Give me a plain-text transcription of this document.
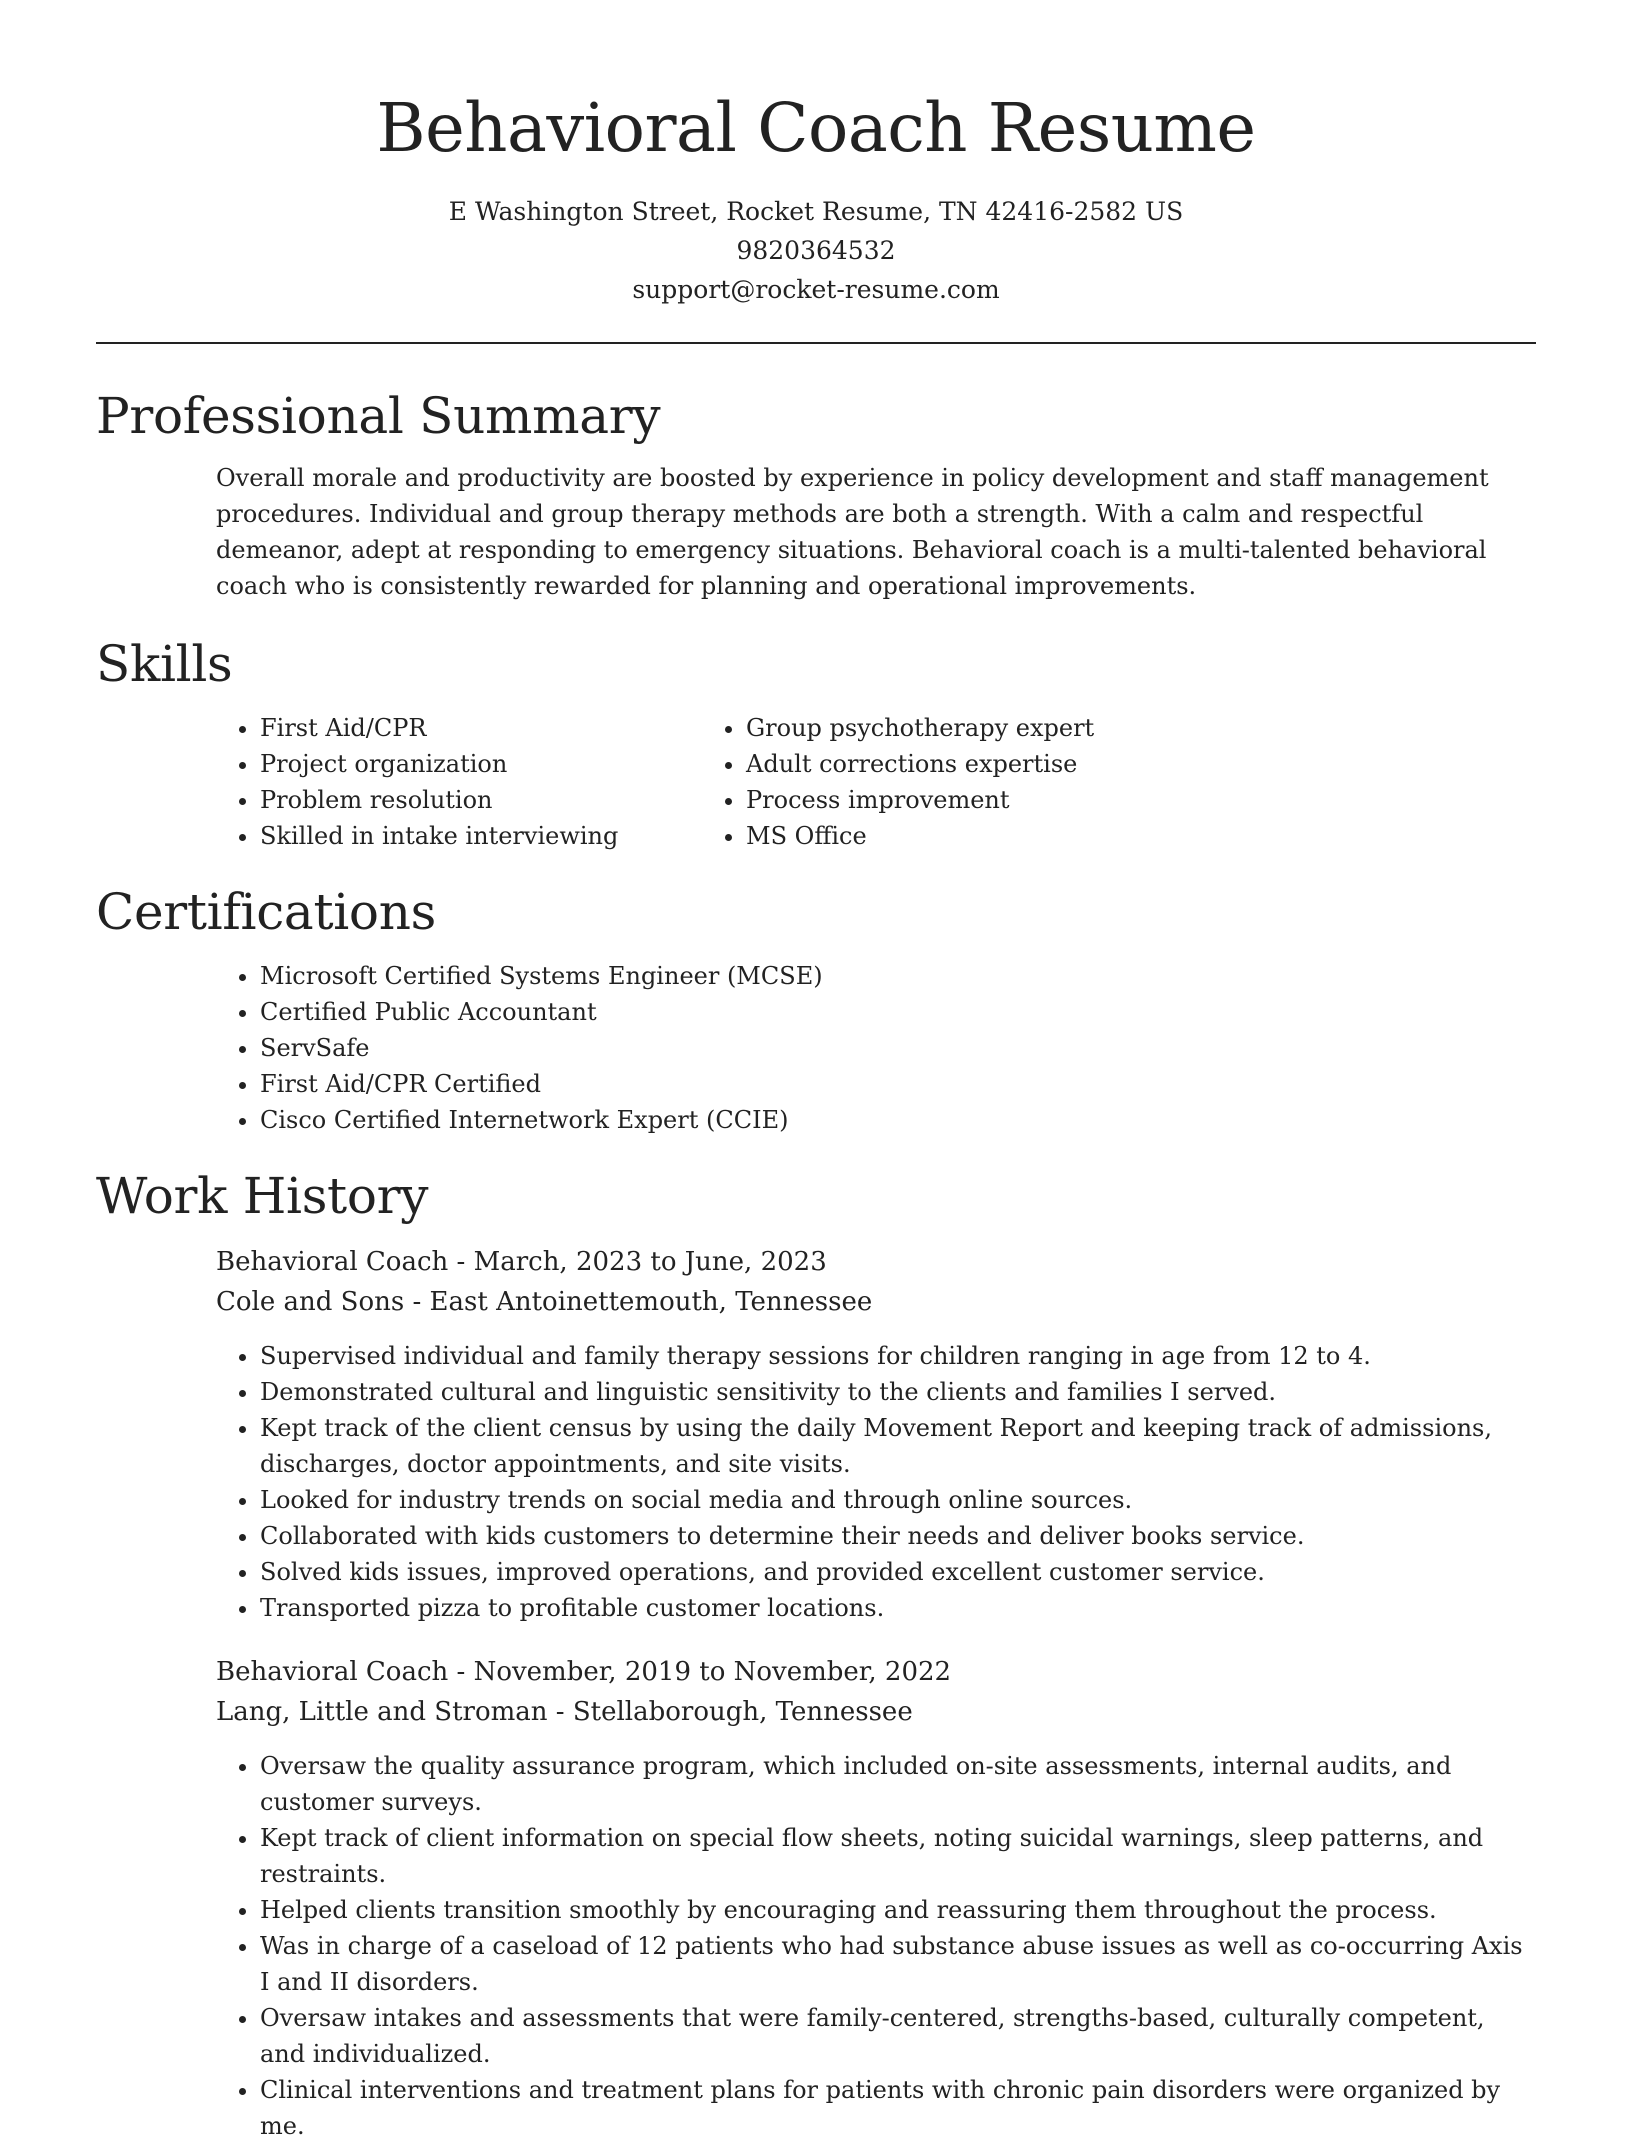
Behavioral Coach Resume
E Washington Street, Rocket Resume, TN 42416-2582 US
9820364532
support@rocket-resume.com
Professional Summary

Overall morale and productivity are boosted by experience in policy development and staff management procedures. Individual and group therapy methods are both a strength. With a calm and respectful demeanor, adept at responding to emergency situations. Behavioral coach is a multi-talented behavioral coach who is consistently rewarded for planning and operational improvements.

Skills
• First Aid/CPR
• Project organization
• Problem resolution
• Skilled in intake interviewing
• Group psychotherapy expert
• Adult corrections expertise
• Process improvement
• MS Office
Certifications
• Microsoft Certified Systems Engineer (MCSE)
• Certified Public Accountant
• ServSafe
• First Aid/CPR Certified
• Cisco Certified Internetwork Expert (CCIE)
Work History
Behavioral Coach - March, 2023 to June, 2023
Cole and Sons - East Antoinettemouth, Tennessee
• Supervised individual and family therapy sessions for children ranging in age from 12 to 4.
• Demonstrated cultural and linguistic sensitivity to the clients and families I served.
• Kept track of the client census by using the daily Movement Report and keeping track of admissions, discharges, doctor appointments, and site visits.
• Looked for industry trends on social media and through online sources.
• Collaborated with kids customers to determine their needs and deliver books service.
• Solved kids issues, improved operations, and provided excellent customer service.
• Transported pizza to profitable customer locations.
Behavioral Coach - November, 2019 to November, 2022
Lang, Little and Stroman - Stellaborough, Tennessee
• Oversaw the quality assurance program, which included on-site assessments, internal audits, and customer surveys.
• Kept track of client information on special flow sheets, noting suicidal warnings, sleep patterns, and restraints.
• Helped clients transition smoothly by encouraging and reassuring them throughout the process.
• Was in charge of a caseload of 12 patients who had substance abuse issues as well as co-occurring Axis I and II disorders.
• Oversaw intakes and assessments that were family-centered, strengths-based, culturally competent, and individualized.
• Clinical interventions and treatment plans for patients with chronic pain disorders were organized by me.
